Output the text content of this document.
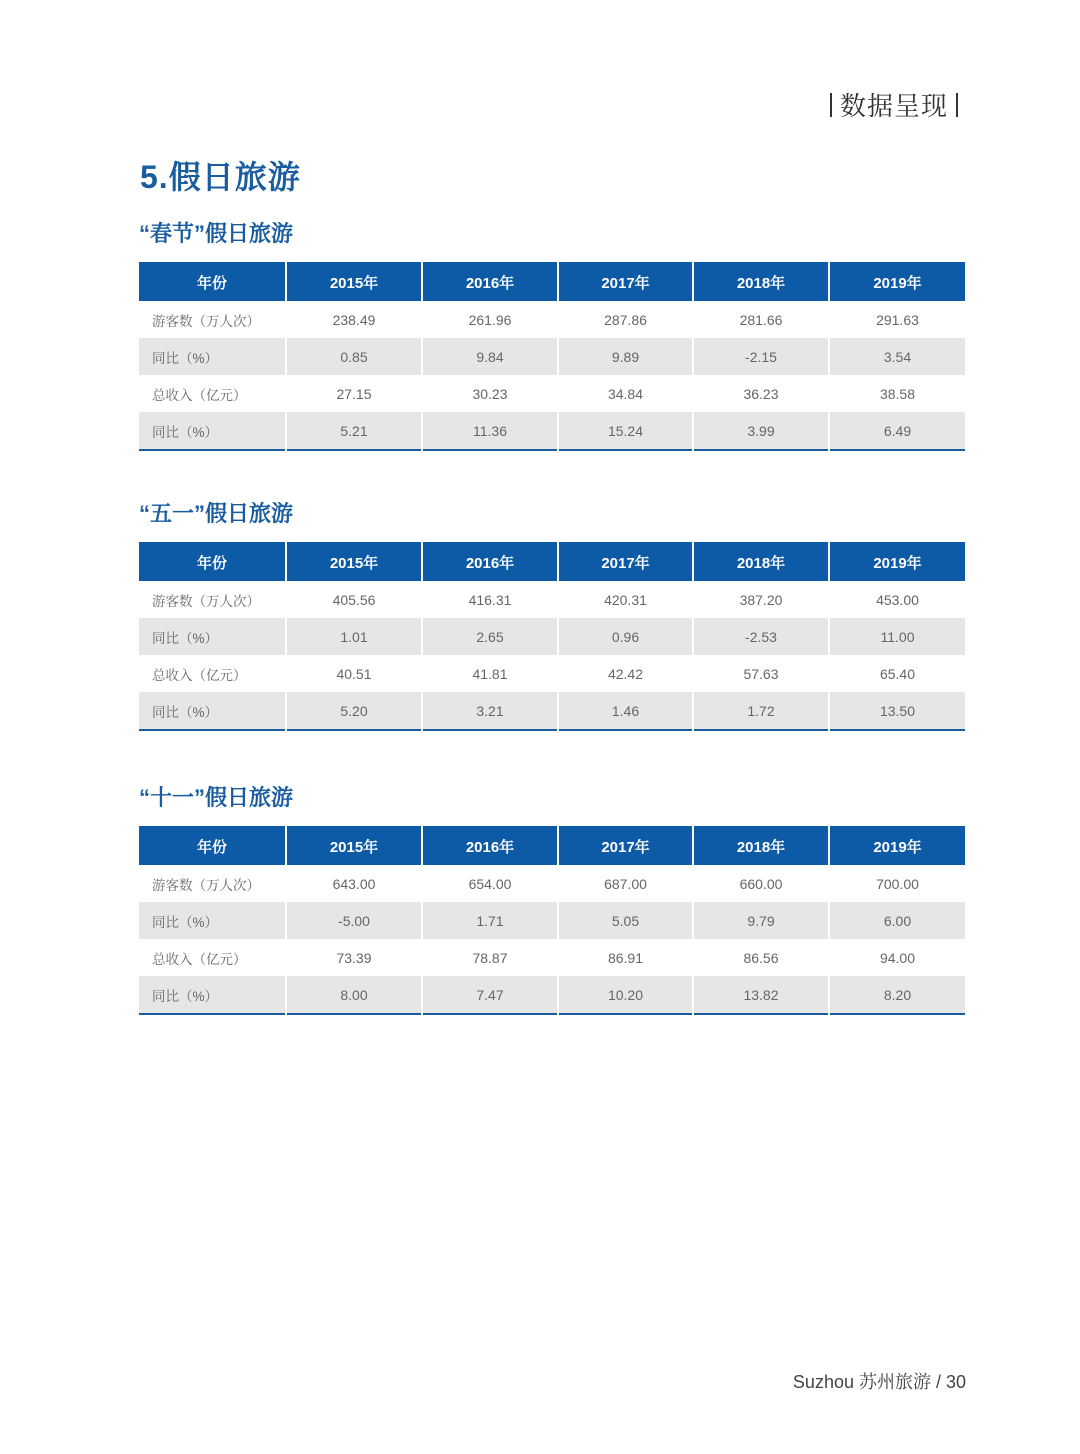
数据呈现
5.假日旅游
“春节”假日旅游
年份	2015年	2016年	2017年	2018年	2019年
游客数（万人次）	238.49	261.96	287.86	281.66	291.63
同比（%）	0.85	9.84	9.89	-2.15	3.54
总收入（亿元）	27.15	30.23	34.84	36.23	38.58
同比（%）	5.21	11.36	15.24	3.99	6.49
“五一”假日旅游
年份	2015年	2016年	2017年	2018年	2019年
游客数（万人次）	405.56	416.31	420.31	387.20	453.00
同比（%）	1.01	2.65	0.96	-2.53	11.00
总收入（亿元）	40.51	41.81	42.42	57.63	65.40
同比（%）	5.20	3.21	1.46	1.72	13.50
“十一”假日旅游
年份	2015年	2016年	2017年	2018年	2019年
游客数（万人次）	643.00	654.00	687.00	660.00	700.00
同比（%）	-5.00	1.71	5.05	9.79	6.00
总收入（亿元）	73.39	78.87	86.91	86.56	94.00
同比（%）	8.00	7.47	10.20	13.82	8.20
Suzhou 苏州旅游 / 30
